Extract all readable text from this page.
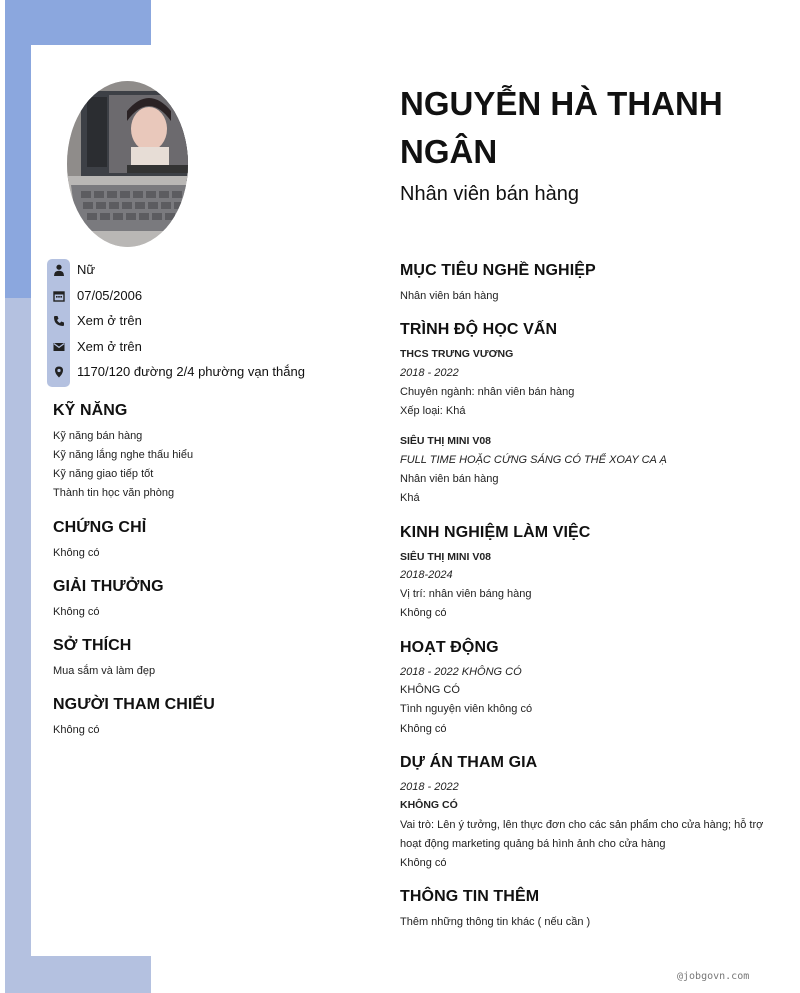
Nữ
07/05/2006
Xem ở trên
Xem ở trên
1170/120 đường 2/4 phường vạn thắng
KỸ NĂNG
Kỹ năng bán hàng
Kỹ năng lắng nghe thấu hiểu
Kỹ năng giao tiếp tốt
Thành tin học văn phòng
CHỨNG CHỈ
Không có
GIẢI THƯỞNG
Không có
SỞ THÍCH
Mua sắm và làm đẹp
NGƯỜI THAM CHIẾU
Không có
NGUYỄN HÀ THANH NGÂN
Nhân viên bán hàng
MỤC TIÊU NGHỀ NGHIỆP
Nhân viên bán hàng
TRÌNH ĐỘ HỌC VẤN
THCS TRƯNG VƯƠNG
2018 - 2022
Chuyên ngành: nhân viên bán hàng
Xếp loại: Khá
SIÊU THỊ MINI V08
FULL TIME HOẶC CỨNG SÁNG CÓ THỂ XOAY CA Ạ
Nhân viên bán hàng
Khá
KINH NGHIỆM LÀM VIỆC
SIÊU THỊ MINI V08
2018-2024
Vị trí: nhân viên báng hàng
Không có
HOẠT ĐỘNG
2018 - 2022 KHÔNG CÓ
KHÔNG CÓ
Tình nguyện viên không có
Không có
DỰ ÁN THAM GIA
2018 - 2022
KHÔNG CÓ
Vai trò: Lên ý tưởng, lên thực đơn cho các sản phẩm cho cửa hàng; hỗ trợ
hoạt động marketing quảng bá hình ảnh cho cửa hàng
Không có
THÔNG TIN THÊM
Thêm những thông tin khác ( nếu cần )
@jobgovn.com
